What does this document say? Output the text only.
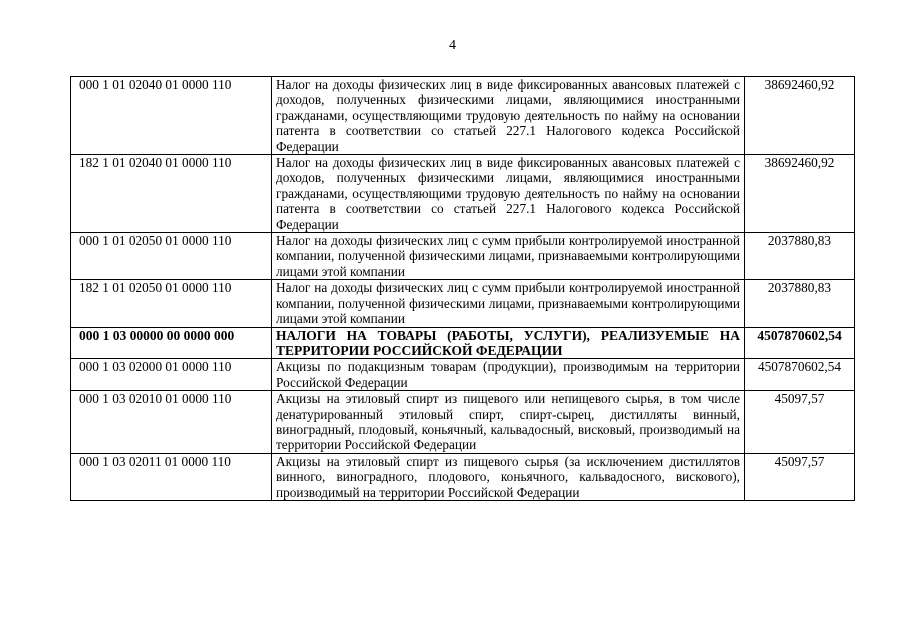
4
000 1 01 02040 01 0000 110	Налог на доходы физических лиц в виде фиксированных авансовых платежей с доходов, полученных физическими лицами, являющимися иностранными гражданами, осуществляющими трудовую деятельность по найму на основании патента в соответствии со статьей 227.1 Налогового кодекса Российской Федерации	38692460,92
182 1 01 02040 01 0000 110	Налог на доходы физических лиц в виде фиксированных авансовых платежей с доходов, полученных физическими лицами, являющимися иностранными гражданами, осуществляющими трудовую деятельность по найму на основании патента в соответствии со статьей 227.1 Налогового кодекса Российской Федерации	38692460,92
000 1 01 02050 01 0000 110	Налог на доходы физических лиц с сумм прибыли контролируемой иностранной компании, полученной физическими лицами, признаваемыми контролирующими лицами этой компании	2037880,83
182 1 01 02050 01 0000 110	Налог на доходы физических лиц с сумм прибыли контролируемой иностранной компании, полученной физическими лицами, признаваемыми контролирующими лицами этой компании	2037880,83
000 1 03 00000 00 0000 000	НАЛОГИ НА ТОВАРЫ (РАБОТЫ, УСЛУГИ), РЕАЛИЗУЕМЫЕ НА ТЕРРИТОРИИ РОССИЙСКОЙ ФЕДЕРАЦИИ	4507870602,54
000 1 03 02000 01 0000 110	Акцизы по подакцизным товарам (продукции), производимым на территории Российской Федерации	4507870602,54
000 1 03 02010 01 0000 110	Акцизы на этиловый спирт из пищевого или непищевого сырья, в том числе денатурированный этиловый спирт, спирт-сырец, дистилляты винный, виноградный, плодовый, коньячный, кальвадосный, висковый, производимый на территории Российской Федерации	45097,57
000 1 03 02011 01 0000 110	Акцизы на этиловый спирт из пищевого сырья (за исключением дистиллятов винного, виноградного, плодового, коньячного, кальвадосного, вискового), производимый на территории Российской Федерации	45097,57
